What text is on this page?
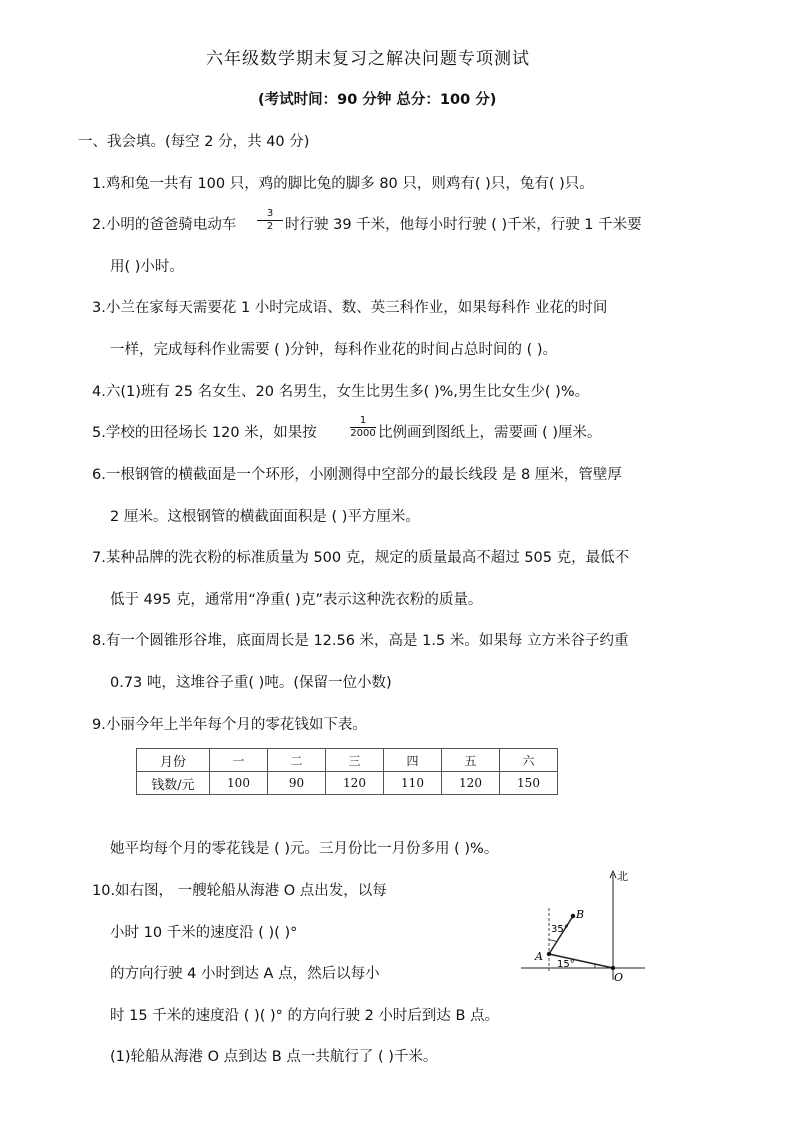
六年级数学期末复习之解决问题专项测试
(考试时间：90 分钟 总分：100 分)
一、我会填。(每空 2 分，共 40 分)
1.鸡和兔一共有 100 只，鸡的脚比兔的脚多 80 只，则鸡有( )只，兔有( )只。
2.小明的爸爸骑电动车
3
2 时行驶 39 千米，他每小时行驶 ( )千米，行驶 1 千米要
用( )小时。
3.小兰在家每天需要花 1 小时完成语、数、英三科作业，如果每科作 业花的时间
一样，完成每科作业需要 ( )分钟，每科作业花的时间占总时间的 ( )。
4.六(1)班有 25 名女生、20 名男生，女生比男生多( )%,男生比女生少( )%。
5.学校的田径场长 120 米，如果按
1
2000 比例画到图纸上，需要画 ( )厘米。
6.一根钢管的横截面是一个环形，小刚测得中空部分的最长线段 是 8 厘米，管壁厚
2 厘米。这根钢管的横截面面积是 ( )平方厘米。
7.某种品牌的洗衣粉的标准质量为 500 克，规定的质量最高不超过 505 克，最低不
低于 495 克，通常用“净重( )克”表示这种洗衣粉的质量。
8.有一个圆锥形谷堆，底面周长是 12.56 米，高是 1.5 米。如果每 立方米谷子约重
0.73 吨，这堆谷子重( )吨。(保留一位小数)
9.小丽今年上半年每个月的零花钱如下表。
月份	一	二	三	四	五	六
钱数/元	100	90	120	110	120	150
她平均每个月的零花钱是 ( )元。三月份比一月份多用 ( )%。
10.如右图， 一艘轮船从海港 O 点出发，以每
小时 10 千米的速度沿 ( )( )°
的方向行驶 4 小时到达 A 点，然后以每小
时 15 千米的速度沿 ( )( )° 的方向行驶 2 小时后到达 B 点。
(1)轮船从海港 O 点到达 B 点一共航行了 ( )千米。
北
A
B
O
35°
15°
